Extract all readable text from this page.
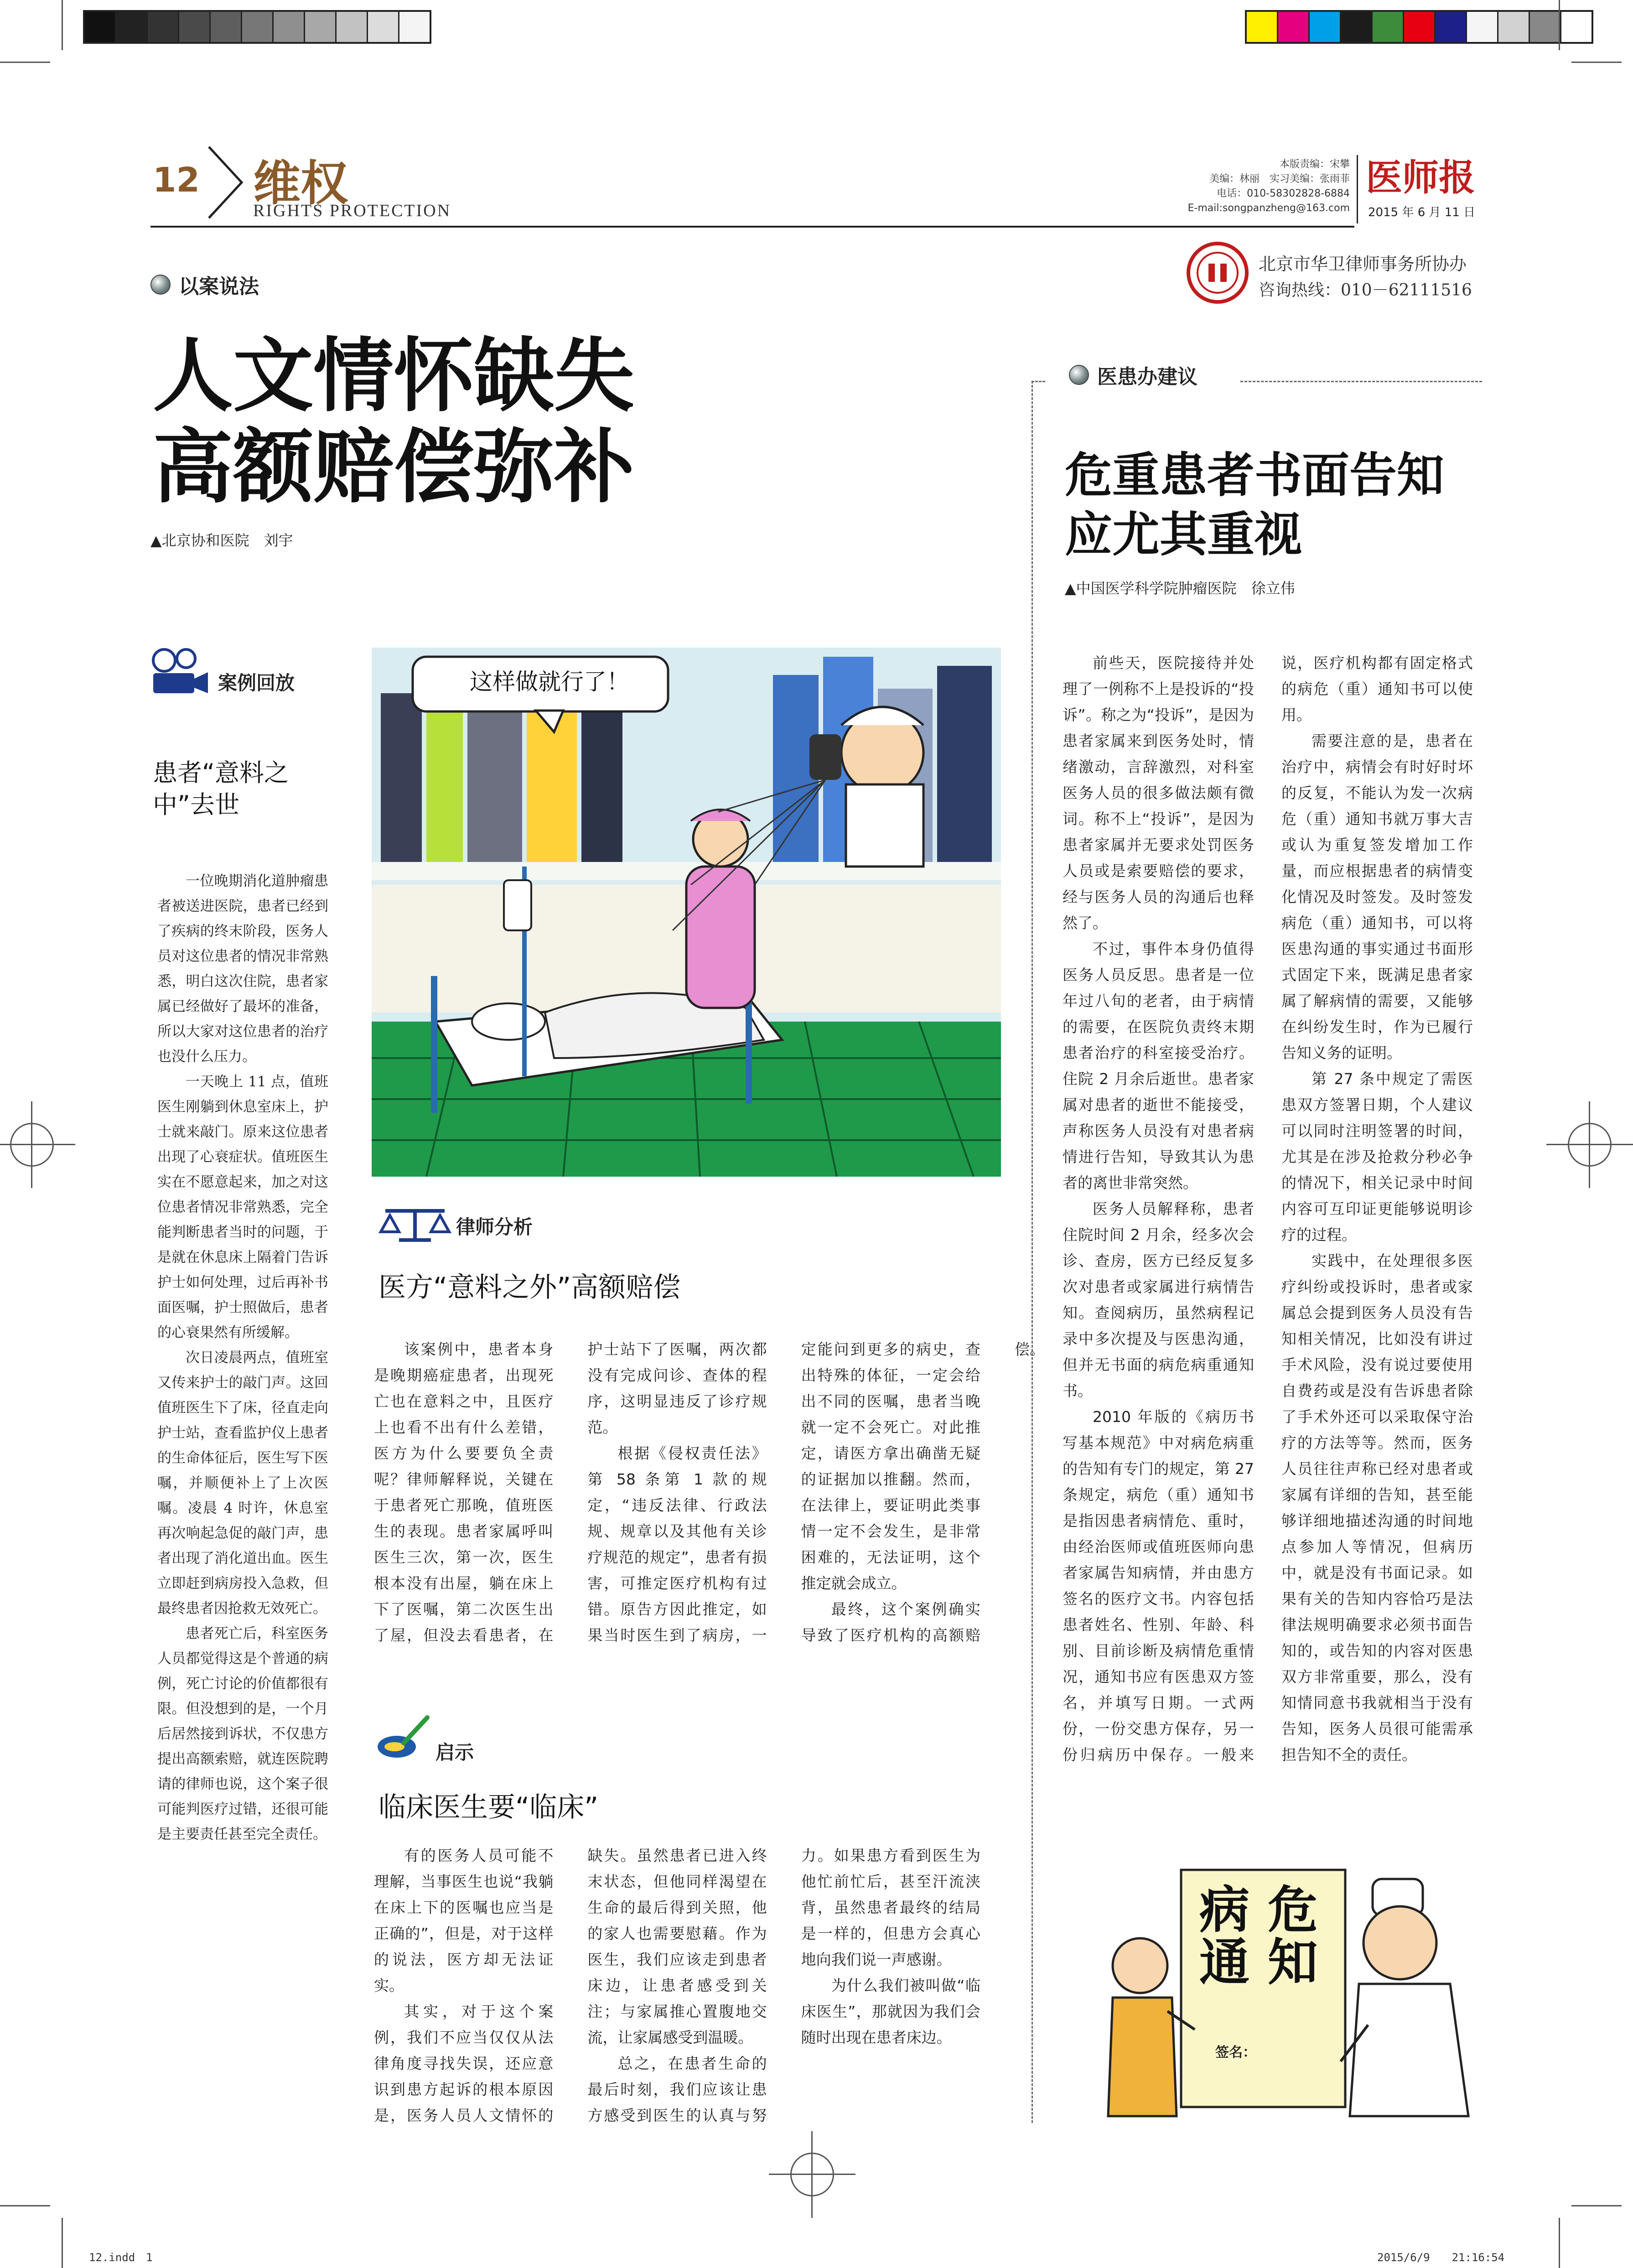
12 维权
RIGHTS PROTECTION
本版责编：宋攀
美编：林丽　实习美编：张雨菲
电话：010-58302828-6884
E-mail:songpanzheng@163.com
医师报
2015 年 6 月 11 日
北京市华卫律师事务所协办
咨询热线：010－62111516
以案说法
人文情怀缺失
高额赔偿弥补
▲北京协和医院　刘宇
案例回放
患者“意料之中”去世

一位晚期消化道肿瘤患者被送进医院，患者已经到了疾病的终末阶段，医务人员对这位患者的情况非常熟悉，明白这次住院，患者家属已经做好了最坏的准备，所以大家对这位患者的治疗也没什么压力。

一天晚上 11 点，值班医生刚躺到休息室床上，护士就来敲门。原来这位患者出现了心衰症状。值班医生实在不愿意起来，加之对这位患者情况非常熟悉，完全能判断患者当时的问题，于是就在休息床上隔着门告诉护士如何处理，过后再补书面医嘱，护士照做后，患者的心衰果然有所缓解。

次日凌晨两点，值班室又传来护士的敲门声。这回值班医生下了床，径直走向护士站，查看监护仪上患者的生命体征后，医生写下医嘱，并顺便补上了上次医嘱。凌晨 4 时许，休息室再次响起急促的敲门声，患者出现了消化道出血。医生立即赶到病房投入急救，但最终患者因抢救无效死亡。

患者死亡后，科室医务人员都觉得这是个普通的病例，死亡讨论的价值都很有限。但没想到的是，一个月后居然接到诉状，不仅患方提出高额索赔，就连医院聘请的律师也说，这个案子很可能判医疗过错，还很可能是主要责任甚至完全责任。

这样做就行了！
律师分析
医方“意料之外”高额赔偿

该案例中，患者本身是晚期癌症患者，出现死亡也在意料之中，且医疗上也看不出有什么差错，医方为什么要要负全责呢？律师解释说，关键在于患者死亡那晚，值班医生的表现。患者家属呼叫医生三次，第一次，医生根本没有出屋，躺在床上下了医嘱，第二次医生出了屋，但没去看患者，在护士站下了医嘱，两次都没有完成问诊、查体的程序，这明显违反了诊疗规范。

根据《侵权责任法》第 58 条第 1 款的规定，“违反法律、行政法规、规章以及其他有关诊疗规范的规定”，患者有损害，可推定医疗机构有过错。原告方因此推定，如果当时医生到了病房，一定能问到更多的病史，查出特殊的体征，一定会给出不同的医嘱，患者当晚就一定不会死亡。对此推定，请医方拿出确凿无疑的证据加以推翻。然而，在法律上，要证明此类事情一定不会发生，是非常困难的，无法证明，这个推定就会成立。

最终，这个案例确实导致了医疗机构的高额赔偿。

启示
临床医生要“临床”

有的医务人员可能不理解，当事医生也说“我躺在床上下的医嘱也应当是正确的”，但是，对于这样的说法，医方却无法证实。

其实，对于这个案例，我们不应当仅仅从法律角度寻找失误，还应意识到患方起诉的根本原因是，医务人员人文情怀的缺失。虽然患者已进入终末状态，但他同样渴望在生命的最后得到关照，他的家人也需要慰藉。作为医生，我们应该走到患者床边，让患者感受到关注；与家属推心置腹地交流，让家属感受到温暖。

总之，在患者生命的最后时刻，我们应该让患方感受到医生的认真与努力。如果患方看到医生为他忙前忙后，甚至汗流浃背，虽然患者最终的结局是一样的，但患方会真心地向我们说一声感谢。

为什么我们被叫做“临床医生”，那就因为我们会随时出现在患者床边。

医患办建议
危重患者书面告知
应尤其重视
▲中国医学科学院肿瘤医院　徐立伟

前些天，医院接待并处理了一例称不上是投诉的“投诉”。称之为“投诉”，是因为患者家属来到医务处时，情绪激动，言辞激烈，对科室医务人员的很多做法颇有微词。称不上“投诉”，是因为患者家属并无要求处罚医务人员或是索要赔偿的要求，经与医务人员的沟通后也释然了。

不过，事件本身仍值得医务人员反思。患者是一位年过八旬的老者，由于病情的需要，在医院负责终末期患者治疗的科室接受治疗。住院 2 月余后逝世。患者家属对患者的逝世不能接受，声称医务人员没有对患者病情进行告知，导致其认为患者的离世非常突然。

医务人员解释称，患者住院时间 2 月余，经多次会诊、查房，医方已经反复多次对患者或家属进行病情告知。查阅病历，虽然病程记录中多次提及与医患沟通，但并无书面的病危病重通知书。

2010 年版的《病历书写基本规范》中对病危病重的告知有专门的规定，第 27 条规定，病危（重）通知书是指因患者病情危、重时，由经治医师或值班医师向患者家属告知病情，并由患方签名的医疗文书。内容包括患者姓名、性别、年龄、科别、目前诊断及病情危重情况，通知书应有医患双方签名，并填写日期。一式两份，一份交患方保存，另一份归病历中保存。一般来说，医疗机构都有固定格式的病危（重）通知书可以使用。

需要注意的是，患者在治疗中，病情会有时好时坏的反复，不能认为发一次病危（重）通知书就万事大吉或认为重复签发增加工作量，而应根据患者的病情变化情况及时签发。及时签发病危（重）通知书，可以将医患沟通的事实通过书面形式固定下来，既满足患者家属了解病情的需要，又能够在纠纷发生时，作为已履行告知义务的证明。

第 27 条中规定了需医患双方签署日期，个人建议可以同时注明签署的时间，尤其是在涉及抢救分秒必争的情况下，相关记录中时间内容可互印证更能够说明诊疗的过程。

实践中，在处理很多医疗纠纷或投诉时，患者或家属总会提到医务人员没有告知相关情况，比如没有讲过手术风险，没有说过要使用自费药或是没有告诉患者除了手术外还可以采取保守治疗的方法等等。然而，医务人员往往声称已经对患者或家属有详细的告知，甚至能够详细地描述沟通的时间地点参加人等情况，但病历中，就是没有书面记录。如果有关的告知内容恰巧是法律法规明确要求必须书面告知的，或告知的内容对医患双方非常重要，那么，没有知情同意书我就相当于没有告知，医务人员很可能需承担告知不全的责任。

病 危
通 知
签名：
12.indd　1	2015/6/9　　21:16:54
